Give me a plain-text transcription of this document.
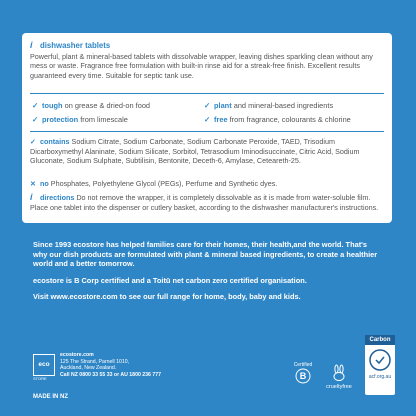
i dishwasher tablets
Powerful, plant & mineral-based tablets with dissolvable wrapper, leaving dishes sparkling clean without any mess or waste. Fragrance free formulation with built-in rinse aid for a streak-free finish. Excellent results guaranteed every time. Suitable for septic tank use.
✓ tough on grease & dried-on food	✓ plant and mineral-based ingredients
✓ protection from limescale	✓ free from fragrance, colourants & chlorine
✓ contains Sodium Citrate, Sodium Carbonate, Sodium Carbonate Peroxide, TAED, Trisodium Dicarboxymethyl Alaninate, Sodium Silicate, Sorbitol, Tetrasodium Iminodisuccinate, Citric Acid, Sodium Gluconate, Sodium Sulphate, Subtilisin, Bentonite, Deceth-6, Amylase, Ceteareth-25.
✕ no Phosphates, Polyethylene Glycol (PEGs), Perfume and Synthetic dyes.
i directions Do not remove the wrapper, it is completely dissolvable as it is made from water-soluble film. Place one tablet into the dispenser or cutlery basket, according to the dishwasher manufacturer's instructions.
Since 1993 ecostore has helped families care for their homes, their health,and the world. That's why our dish products are formulated with plant & mineral based ingredients, to create a healthier world and a better tomorrow.
ecostore is B Corp certified and a Toitū net carbon zero certified organisation.
Visit www.ecostore.com to see our full range for home, body, baby and kids.
eco
STORE
ecostore.com
125 The Strand, Parnell 1010,
Auckland, New Zealand.
Call NZ 0800 33 55 33 or AU 1800 236 777
MADE IN NZ
Certified
B
crueltyfree
Carbon
acf.org.au
